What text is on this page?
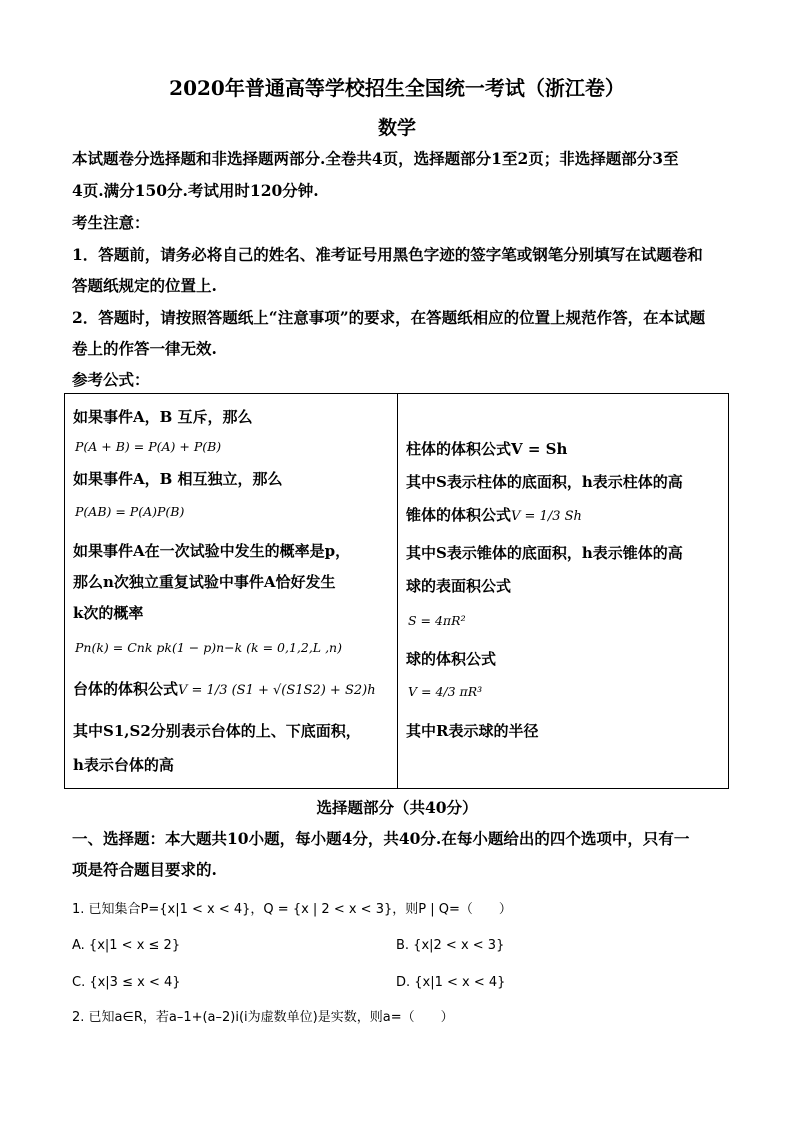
2020年普通高等学校招生全国统一考试（浙江卷）
数学

本试题卷分选择题和非选择题两部分.全卷共4页，选择题部分1至2页；非选择题部分3至

4页.满分150分.考试用时120分钟.

考生注意：

1．答题前，请务必将自己的姓名、准考证号用黑色字迹的签字笔或钢笔分别填写在试题卷和

答题纸规定的位置上.

2．答题时，请按照答题纸上“注意事项”的要求，在答题纸相应的位置上规范作答，在本试题

卷上的作答一律无效.

参考公式：

如果事件A，B 互斥，那么
P(A + B) = P(A) + P(B)
如果事件A，B 相互独立，那么
P(AB) = P(A)P(B)
如果事件A在一次试验中发生的概率是p，
那么n次独立重复试验中事件A恰好发生
k次的概率
Pn(k) = Cnk pk(1 − p)n−k (k = 0,1,2,L ,n)
台体的体积公式V = 1/3 (S1 + √(S1S2) + S2)h
其中S1,S2分别表示台体的上、下底面积，
h表示台体的高

柱体的体积公式V = Sh
其中S表示柱体的底面积，h表示柱体的高
锥体的体积公式V = 1/3 Sh
其中S表示锥体的底面积，h表示锥体的高
球的表面积公式
S = 4πR²
球的体积公式
V = 4/3 πR³
其中R表示球的半径
选择题部分（共40分）

一、选择题：本大题共10小题，每小题4分，共40分.在每小题给出的四个选项中，只有一

项是符合题目要求的.

1. 已知集合P={x|1 < x < 4}，Q = {x | 2 < x < 3}，则P | Q=（　　）
A. {x|1 < x ≤ 2}	B. {x|2 < x < 3}
C. {x|3 ≤ x < 4}	D. {x|1 < x < 4}
2. 已知a∈R，若a–1+(a–2)i(i为虚数单位)是实数，则a=（　　）
